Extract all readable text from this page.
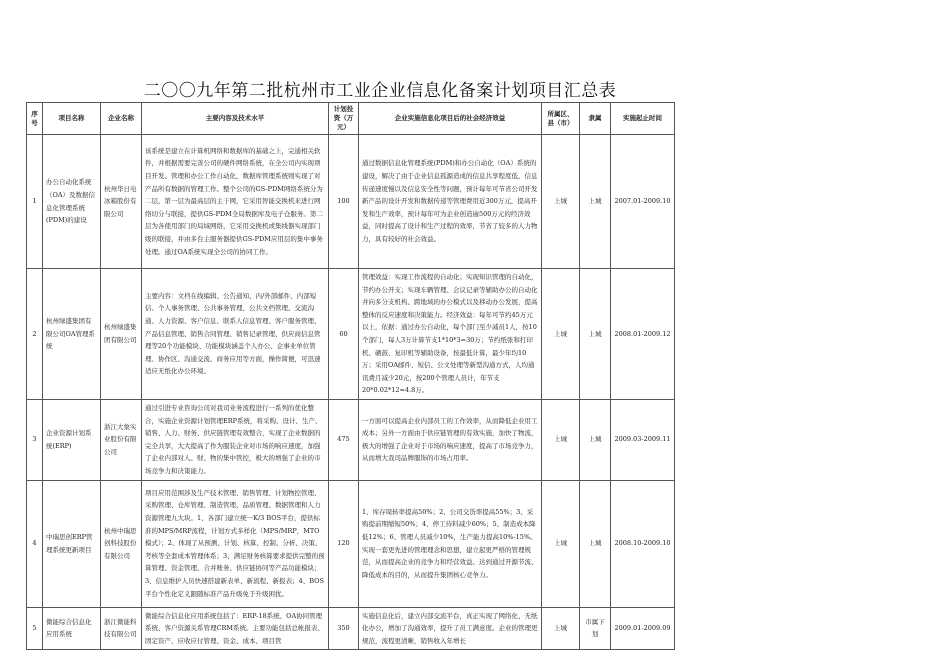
二〇〇九年第二批杭州市工业企业信息化备案计划项目汇总表
序号	项目名称	企业名称	主要内容及技术水平	计划投资（万元）	企业实施信息化项目后的社会经济效益	所属区、县（市）	隶属	实施起止时间
1	办公自动化系统（OA）及数据信息化管理系统(PDM)的建设	杭州华日电冰箱股份有限公司	该系统是建立在计算机网络和数据库的基础之上，完通相关软件，并根据需要完善公司的硬件网络系统，在全公司内实现项目开发、管理和办公工作自动化，数据库管理系统则实现了对产品所有数据的管理工作。整个公司的GS-PDM网络系统分为二层，第一层为最高层的主干网，它采用智能交换机来进行网络切分与联接，提供GS-PDM全局数据库及电子仓服务。第二层为各使用部门的局域网络，它采用交换机或集线器实现部门级的联接，并由多台主服务器提供GS-PDM应用层的集中事务处理。通过OA系统实现全公司的协同工作。	100	通过数据信息化管理系统(PDM)和办公自动化（OA）系统的建设，解决了由于企业信息孤源造成的信息共享程度低，信息传递速度慢以及信息安全性等问题，预计每年可节省公司开发新产品的设计开发和数据传递等管理费用近300万元，提高开发和生产效率，预计每年可为企业创造逾500万元的经济效益，同时提高了设计和生产过程的效率，节省了较多的人力物力，具有较好的社会效益。	上城	上城	2007.01-2009.10
2	杭州绿盛集团有限公司OA管理系统	杭州绿盛集团有限公司	主要内容：文档在线编辑、公告通知、内/外部邮件、内部短信、个人事务管理、公共事务管理、公共文档管理、交流沟通、人力资源、客户信息、联系人信息管理、客户服务管理、产品信息管理、销售合同管理、销售记录管理、供应商信息管理等20个功能模块、功能模块涵盖个人办公、企事业单位管理、协作区、沟通交流、商务应用等方面，操作简便，可迅速适应无纸化办公环境。	60	管理效益：实现工作流程的自动化；实现知识管理的自动化，节约办公开支；实现车辆管理、会议记录等辅助办公的自动化并向多分支机构、跨地域的办公模式以及移动办公发展，提高整体的反应速度和决策能力。经济效益：每年可节约45万元以上，依据：通过办公自动化，每个部门至少减员1人，按10个部门，每人3万计算节支1*10*3=30万；节约纸张和打印机、硒鼓、复印机等辅助设备，按最低计算，最少年均10万；采用OA邮件、短信、公文处理等新型沟通方式，人均通讯费月减少20元，按200个管理人员计，年节支20*0.02*12=4.8万。	上城	上城	2008.01-2009.12
3	企业资源计划系统(ERP)	浙江大象实业股份有限公司	通过引进专业咨询公司对我司业务流程进行一系列的优化整合，实施企业资源计划管理ERP系统，将采购、设计、生产、销售、人力、财务、供应链管理有效整合，实现了企业数据的完全共享，大大提高了作为服装企业对市场的响应速度，加强了企业内部对人、财、物的集中管控，极大的增强了企业的市场竞争力和决策能力。	475	一方面可以提高企业内部员工的工作效率，从而降低企业用工成本；另外一方面由于供应链管理的有效实施，加快了物流，极大的增强了企业对于市场的响应速度，提高了市场竞争力，从而增大我司品牌服饰的市场占用率。	上城	上城	2009.03-2009.11
4	中瑞思创ERP管理系统更新项目	杭州中瑞思创科技股份有限公司	项目应用范围涉及生产技术管理、销售管理、计划物控管理、采购管理、仓库管理、制造管理、品质管理、数据管理和人力资源管理九大块。1、各部门建立统一K/3 BOS平台，提供标准的MPS/MRP流程，计划方式多样化（MPS/MRP，MTO模式）；2、体现了从预测、计划、核算、控制、分析、决策、考核等全套成本管理体系；3、满足财务核算要求提供完整的预算管理、资金管理、合并账务、供应链协同等产品功能模块；3、信息维护人员快速搭建新表单、新流程、新报表；4、BOS平台个性化定义跟随标准产品升级免于升级困扰。	120	1、库存周转率提高50%；2、公司交货率提高55%；3、采购提前期缩短50%；4、停工待料减少60%；5、制造成本降低12%；6、管理人员减少10%，生产能力提高10%-15%。实现一套更先进的管理理念和思想，建立起更严格的管理规范，从而提高企业的竞争力和经营效益。达到通过开源节流、降低成本的目的，从而提升集团核心竞争力。	上城	上城	2008.10-2009.10
5	微能综合信息化应用系统	浙江微能科技有限公司	微能综合信息化应用系统包括了：ERP-18系统、OA协同管理系统、客户资源关系管理CRM系统。主要功能包括总帐报表、固定资产、应收应付管理、资金、成本、项目管	350	实施信息化后，建立内部交流平台，真正实现了网络化、无纸化办公，增加了沟通效率，提升了员工满意度。企业的管理更规范，流程更清晰，销售收入年增长	上城	市属下划	2009.01-2009.09
